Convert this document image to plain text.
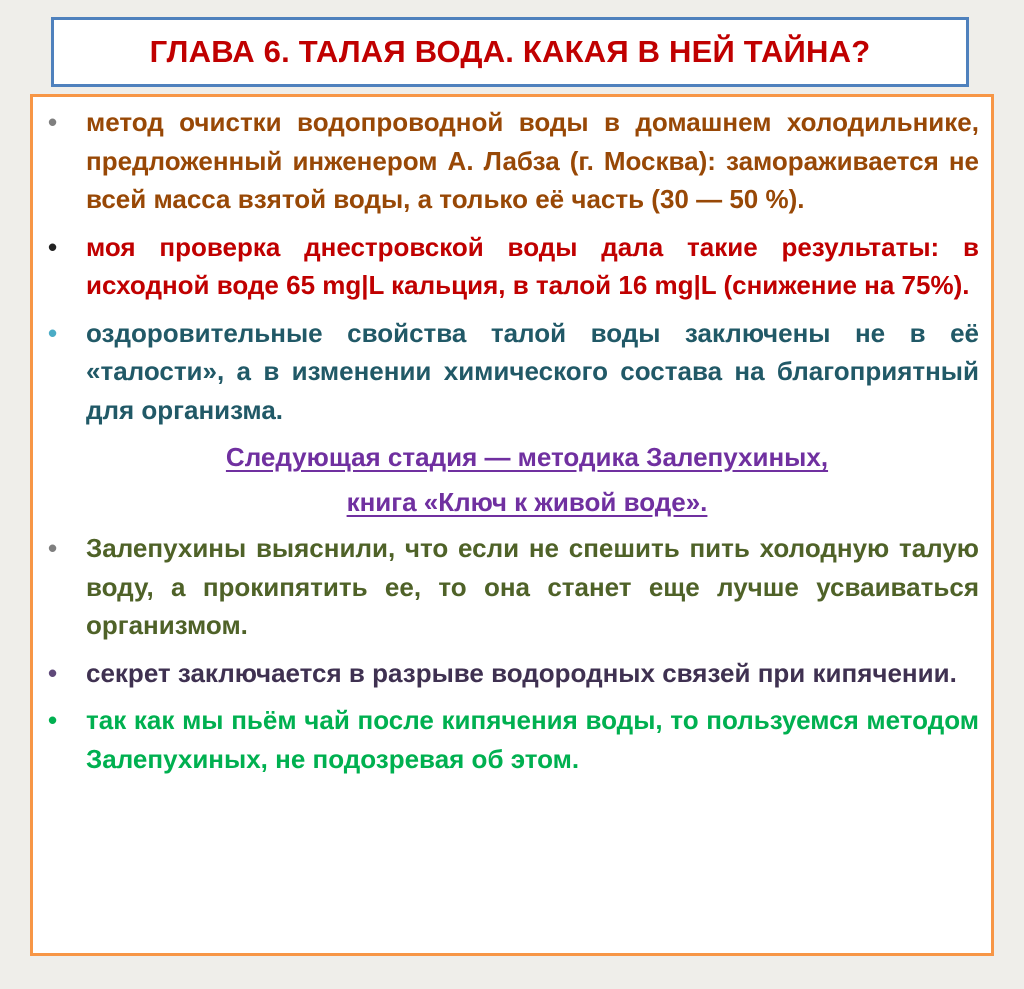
ГЛАВА 6. ТАЛАЯ ВОДА. КАКАЯ В НЕЙ ТАЙНА?
• метод очистки водопроводной воды в домашнем холодильнике, предложенный инженером А. Лабза (г. Москва): замораживается не всей масса взятой воды, а только её часть (30 — 50 %).
• моя проверка днестровской воды дала такие результаты: в исходной воде 65 mg|L кальция, в талой 16 mg|L (снижение на 75%).
• оздоровительные свойства талой воды заключены не в её «талости», а в изменении химического состава на благоприятный для организма.

Следующая стадия — методика Залепухиных,

книга «Ключ к живой воде».

• Залепухины выяснили, что если не спешить пить холодную талую воду, а прокипятить ее, то она станет еще лучше усваиваться организмом.
• секрет заключается в разрыве водородных связей при кипячении.
• так как мы пьём чай после кипячения воды, то пользуемся методом Залепухиных, не подозревая об этом.
